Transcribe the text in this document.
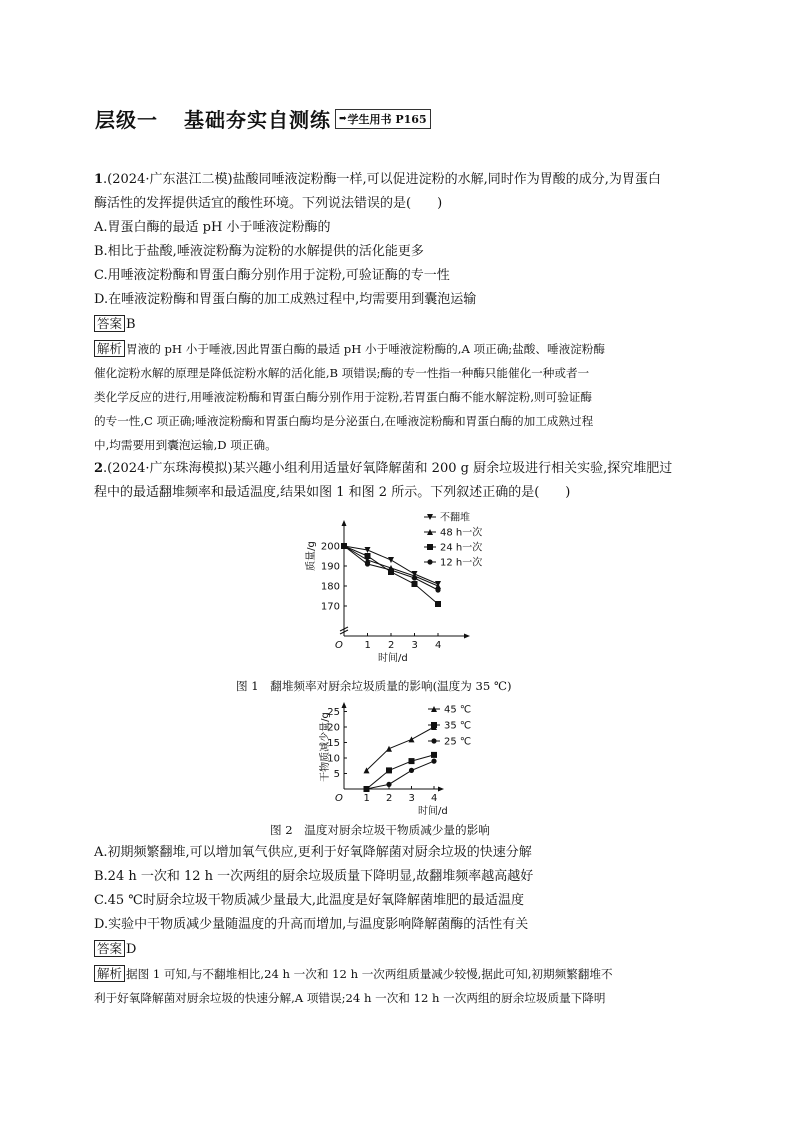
层级一 基础夯实自测练 ➡ 学生用书 P165
1.(2024·广东湛江二模)盐酸同唾液淀粉酶一样,可以促进淀粉的水解,同时作为胃酸的成分,为胃蛋白
酶活性的发挥提供适宜的酸性环境。下列说法错误的是(　　)
A.胃蛋白酶的最适 pH 小于唾液淀粉酶的
B.相比于盐酸,唾液淀粉酶为淀粉的水解提供的活化能更多
C.用唾液淀粉酶和胃蛋白酶分别作用于淀粉,可验证酶的专一性
D.在唾液淀粉酶和胃蛋白酶的加工成熟过程中,均需要用到囊泡运输
答案 B
解析 胃液的 pH 小于唾液,因此胃蛋白酶的最适 pH 小于唾液淀粉酶的,A 项正确;盐酸、唾液淀粉酶
催化淀粉水解的原理是降低淀粉水解的活化能,B 项错误;酶的专一性指一种酶只能催化一种或者一
类化学反应的进行,用唾液淀粉酶和胃蛋白酶分别作用于淀粉,若胃蛋白酶不能水解淀粉,则可验证酶
的专一性,C 项正确;唾液淀粉酶和胃蛋白酶均是分泌蛋白,在唾液淀粉酶和胃蛋白酶的加工成熟过程
中,均需要用到囊泡运输,D 项正确。
2.(2024·广东珠海模拟)某兴趣小组利用适量好氧降解菌和 200 g 厨余垃圾进行相关实验,探究堆肥过
程中的最适翻堆频率和最适温度,结果如图 1 和图 2 所示。下列叙述正确的是(　　)
O 1 2 3 4
时间/d
170
180
190
200
质量/g
不翻堆
48 h一次
24 h一次
12 h一次
图 1　翻堆频率对厨余垃圾质量的影响(温度为 35 ℃)
O 1 2 3 4
时间/d
5
10
15
20
25
干物质减少量/g
45 ℃
35 ℃
25 ℃
图 2　温度对厨余垃圾干物质减少量的影响
A.初期频繁翻堆,可以增加氧气供应,更利于好氧降解菌对厨余垃圾的快速分解
B.24 h 一次和 12 h 一次两组的厨余垃圾质量下降明显,故翻堆频率越高越好
C.45 ℃时厨余垃圾干物质减少量最大,此温度是好氧降解菌堆肥的最适温度
D.实验中干物质减少量随温度的升高而增加,与温度影响降解菌酶的活性有关
答案 D
解析 据图 1 可知,与不翻堆相比,24 h 一次和 12 h 一次两组质量减少较慢,据此可知,初期频繁翻堆不
利于好氧降解菌对厨余垃圾的快速分解,A 项错误;24 h 一次和 12 h 一次两组的厨余垃圾质量下降明
